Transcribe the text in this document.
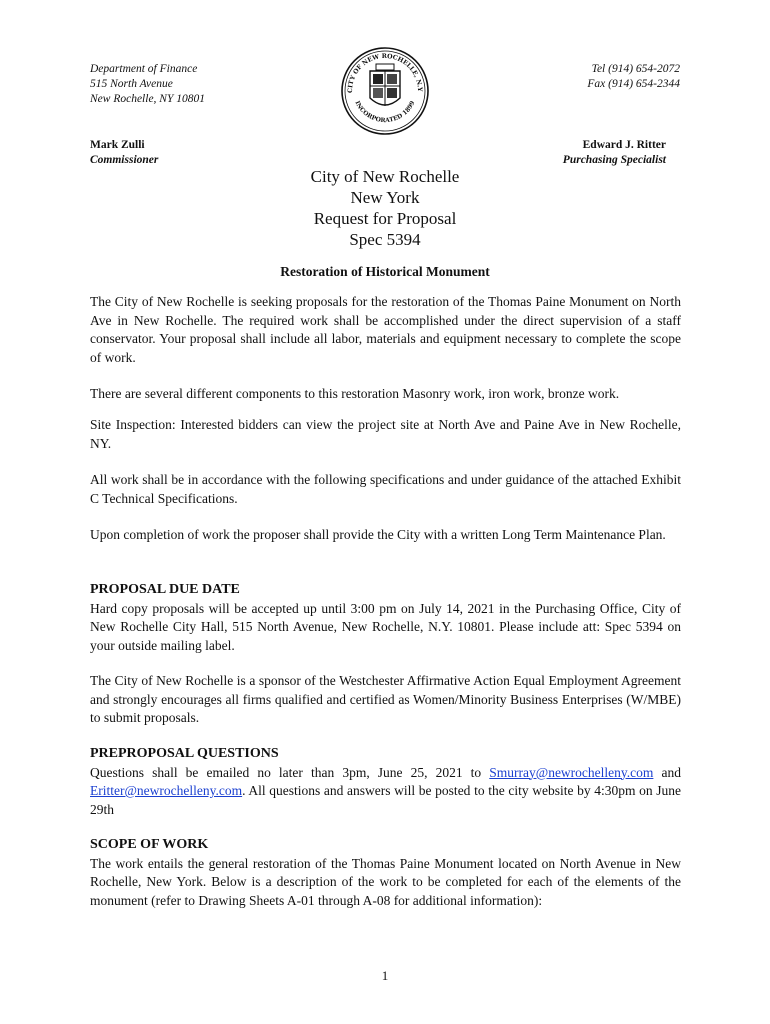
Department of Finance
515 North Avenue
New Rochelle, NY 10801
Tel (914) 654-2072
Fax (914) 654-2344
CITY OF NEW ROCHELLE, N.Y
INCORPORATED 1899
Mark Zulli
Commissioner
Edward J. Ritter
Purchasing Specialist
City of New Rochelle
New York
Request for Proposal
Spec 5394
Restoration of Historical Monument

The City of New Rochelle is seeking proposals for the restoration of the Thomas Paine Monument on North Ave in New Rochelle. The required work shall be accomplished under the direct supervision of a staff conservator. Your proposal shall include all labor, materials and equipment necessary to complete the scope of work.

There are several different components to this restoration Masonry work, iron work, bronze work.

Site Inspection: Interested bidders can view the project site at North Ave and Paine Ave in New Rochelle, NY.

All work shall be in accordance with the following specifications and under guidance of the attached Exhibit C Technical Specifications.

Upon completion of work the proposer shall provide the City with a written Long Term Maintenance Plan.

PROPOSAL DUE DATE
Hard copy proposals will be accepted up until 3:00 pm on July 14, 2021 in the Purchasing Office, City of New Rochelle City Hall, 515 North Avenue, New Rochelle, N.Y. 10801. Please include att: Spec 5394 on your outside mailing label.

The City of New Rochelle is a sponsor of the Westchester Affirmative Action Equal Employment Agreement and strongly encourages all firms qualified and certified as Women/Minority Business Enterprises (W/MBE) to submit proposals.

PREPROPOSAL QUESTIONS
Questions shall be emailed no later than 3pm, June 25, 2021 to Smurray@newrochelleny.com and Eritter@newrochelleny.com. All questions and answers will be posted to the city website by 4:30pm on June 29th
SCOPE OF WORK
The work entails the general restoration of the Thomas Paine Monument located on North Avenue in New Rochelle, New York. Below is a description of the work to be completed for each of the elements of the monument (refer to Drawing Sheets A-01 through A-08 for additional information):
1
